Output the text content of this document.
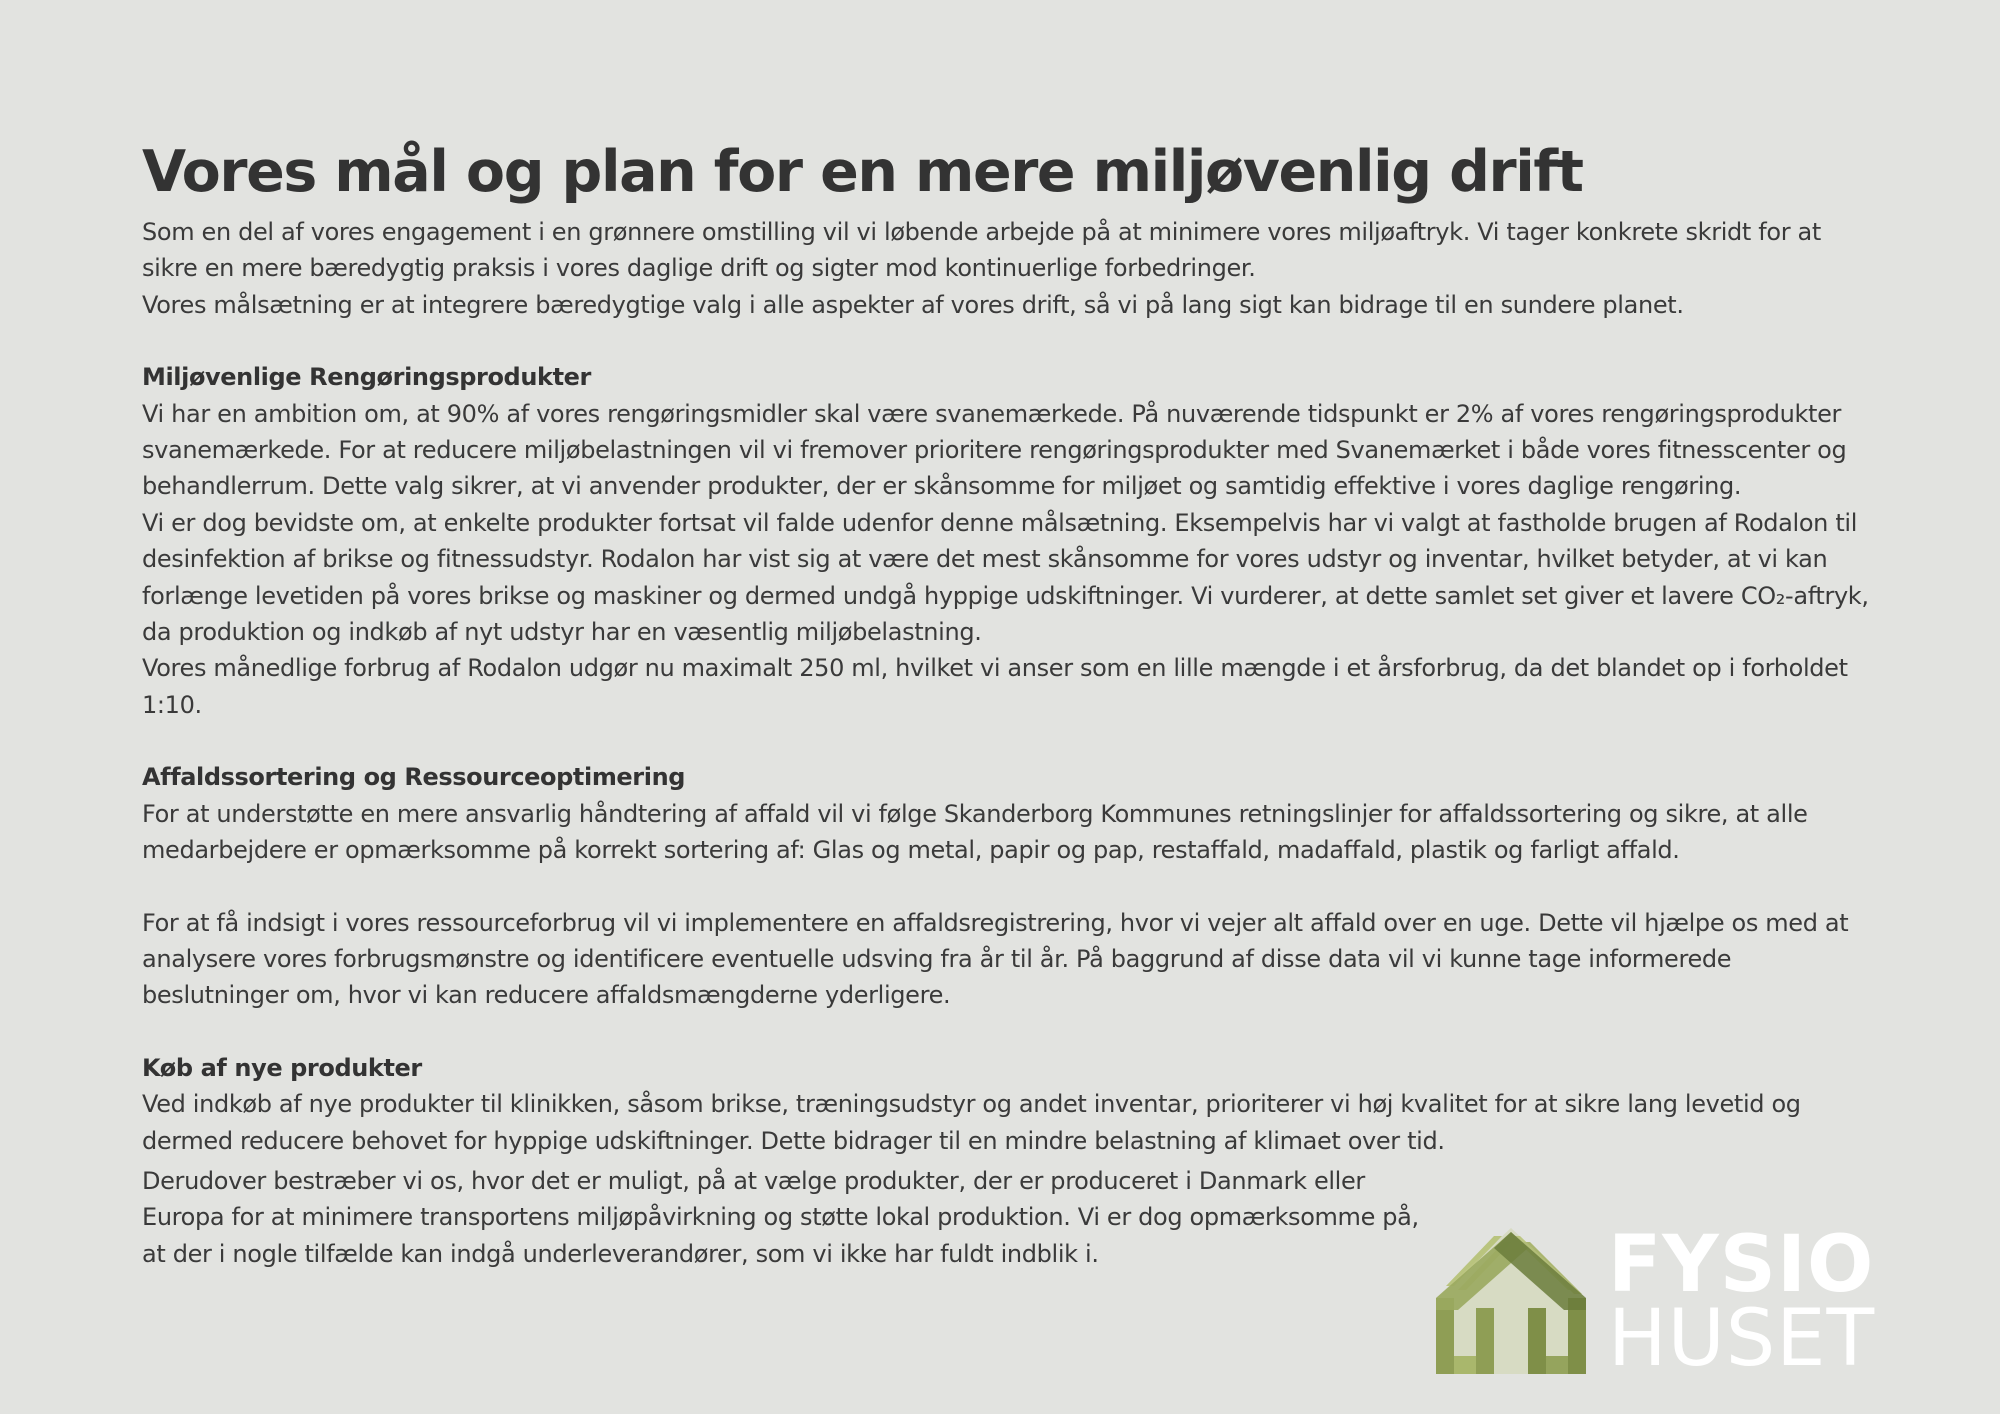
Vores mål og plan for en mere miljøvenlig drift

Som en del af vores engagement i en grønnere omstilling vil vi løbende arbejde på at minimere vores miljøaftryk. Vi tager konkrete skridt for at sikre en mere bæredygtig praksis i vores daglige drift og sigter mod kontinuerlige forbedringer.

Vores målsætning er at integrere bæredygtige valg i alle aspekter af vores drift, så vi på lang sigt kan bidrage til en sundere planet.

Miljøvenlige Rengøringsprodukter

Vi har en ambition om, at 90% af vores rengøringsmidler skal være svanemærkede. På nuværende tidspunkt er 2% af vores rengøringsprodukter svanemærkede. For at reducere miljøbelastningen vil vi fremover prioritere rengøringsprodukter med Svanemærket i både vores fitnesscenter og behandlerrum. Dette valg sikrer, at vi anvender produkter, der er skånsomme for miljøet og samtidig effektive i vores daglige rengøring.

Vi er dog bevidste om, at enkelte produkter fortsat vil falde udenfor denne målsætning. Eksempelvis har vi valgt at fastholde brugen af Rodalon til desinfektion af brikse og fitnessudstyr. Rodalon har vist sig at være det mest skånsomme for vores udstyr og inventar, hvilket betyder, at vi kan forlænge levetiden på vores brikse og maskiner og dermed undgå hyppige udskiftninger. Vi vurderer, at dette samlet set giver et lavere CO₂-aftryk, da produktion og indkøb af nyt udstyr har en væsentlig miljøbelastning.

Vores månedlige forbrug af Rodalon udgør nu maximalt 250 ml, hvilket vi anser som en lille mængde i et årsforbrug, da det blandet op i forholdet 1:10.

Affaldssortering og Ressourceoptimering

For at understøtte en mere ansvarlig håndtering af affald vil vi følge Skanderborg Kommunes retningslinjer for affaldssortering og sikre, at alle medarbejdere er opmærksomme på korrekt sortering af: Glas og metal, papir og pap, restaffald, madaffald, plastik og farligt affald.

For at få indsigt i vores ressourceforbrug vil vi implementere en affaldsregistrering, hvor vi vejer alt affald over en uge. Dette vil hjælpe os med at analysere vores forbrugsmønstre og identificere eventuelle udsving fra år til år. På baggrund af disse data vil vi kunne tage informerede beslutninger om, hvor vi kan reducere affaldsmængderne yderligere.

Køb af nye produkter

Ved indkøb af nye produkter til klinikken, såsom brikse, træningsudstyr og andet inventar, prioriterer vi høj kvalitet for at sikre lang levetid og dermed reducere behovet for hyppige udskiftninger. Dette bidrager til en mindre belastning af klimaet over tid.

Derudover bestræber vi os, hvor det er muligt, på at vælge produkter, der er produceret i Danmark eller Europa for at minimere transportens miljøpåvirkning og støtte lokal produktion. Vi er dog opmærksomme på, at der i nogle tilfælde kan indgå underleverandører, som vi ikke har fuldt indblik i.	FYSIO
HUSET
